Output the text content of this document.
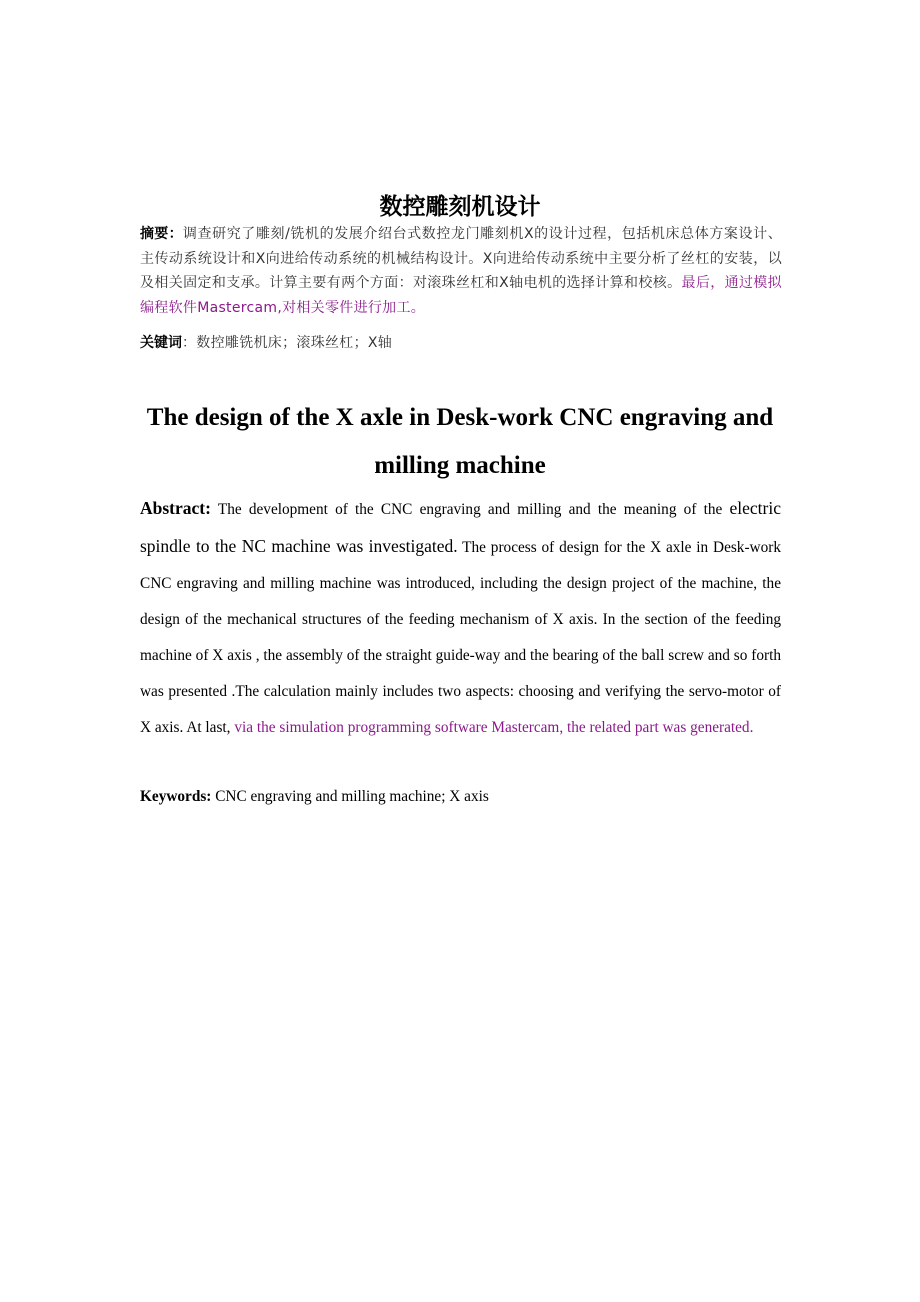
数控雕刻机设计

摘要：调查研究了雕刻/铣机的发展介绍台式数控龙门雕刻机X的设计过程，包括机床总体方案设计、主传动系统设计和X向进给传动系统的机械结构设计。X向进给传动系统中主要分析了丝杠的安装，以及相关固定和支承。计算主要有两个方面：对滚珠丝杠和X轴电机的选择计算和校核。最后，通过模拟编程软件Mastercam,对相关零件进行加工。

关键词：数控雕铣机床；滚珠丝杠；X轴

The design of the X axle in Desk-work CNC engraving and
milling machine

Abstract: The development of the CNC engraving and milling and the meaning of the electric spindle to the NC machine was investigated. The process of design for the X axle in Desk-work CNC engraving and milling machine was introduced, including the design project of the machine, the design of the mechanical structures of the feeding mechanism of X axis. In the section of the feeding machine of X axis , the assembly of the straight guide-way and the bearing of the ball screw and so forth was presented .The calculation mainly includes two aspects: choosing and verifying the servo-motor of X axis. At last, via the simulation programming software Mastercam, the related part was generated.

Keywords: CNC engraving and milling machine; X axis
